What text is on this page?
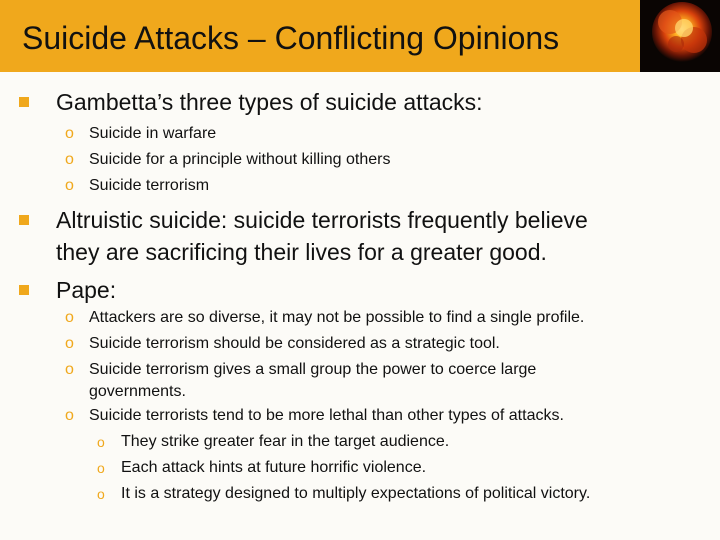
Suicide Attacks – Conflicting Opinions
Gambetta’s three types of suicide attacks:
o Suicide in warfare
o Suicide for a principle without killing others
o Suicide terrorism
Altruistic suicide: suicide terrorists frequently believe
they are sacrificing their lives for a greater good.
Pape:
o Attackers are so diverse, it may not be possible to find a single profile.
o Suicide terrorism should be considered as a strategic tool.
o Suicide terrorism gives a small group the power to coerce large
governments.
o Suicide terrorists tend to be more lethal than other types of attacks.
o They strike greater fear in the target audience.
o Each attack hints at future horrific violence.
o It is a strategy designed to multiply expectations of political victory.
